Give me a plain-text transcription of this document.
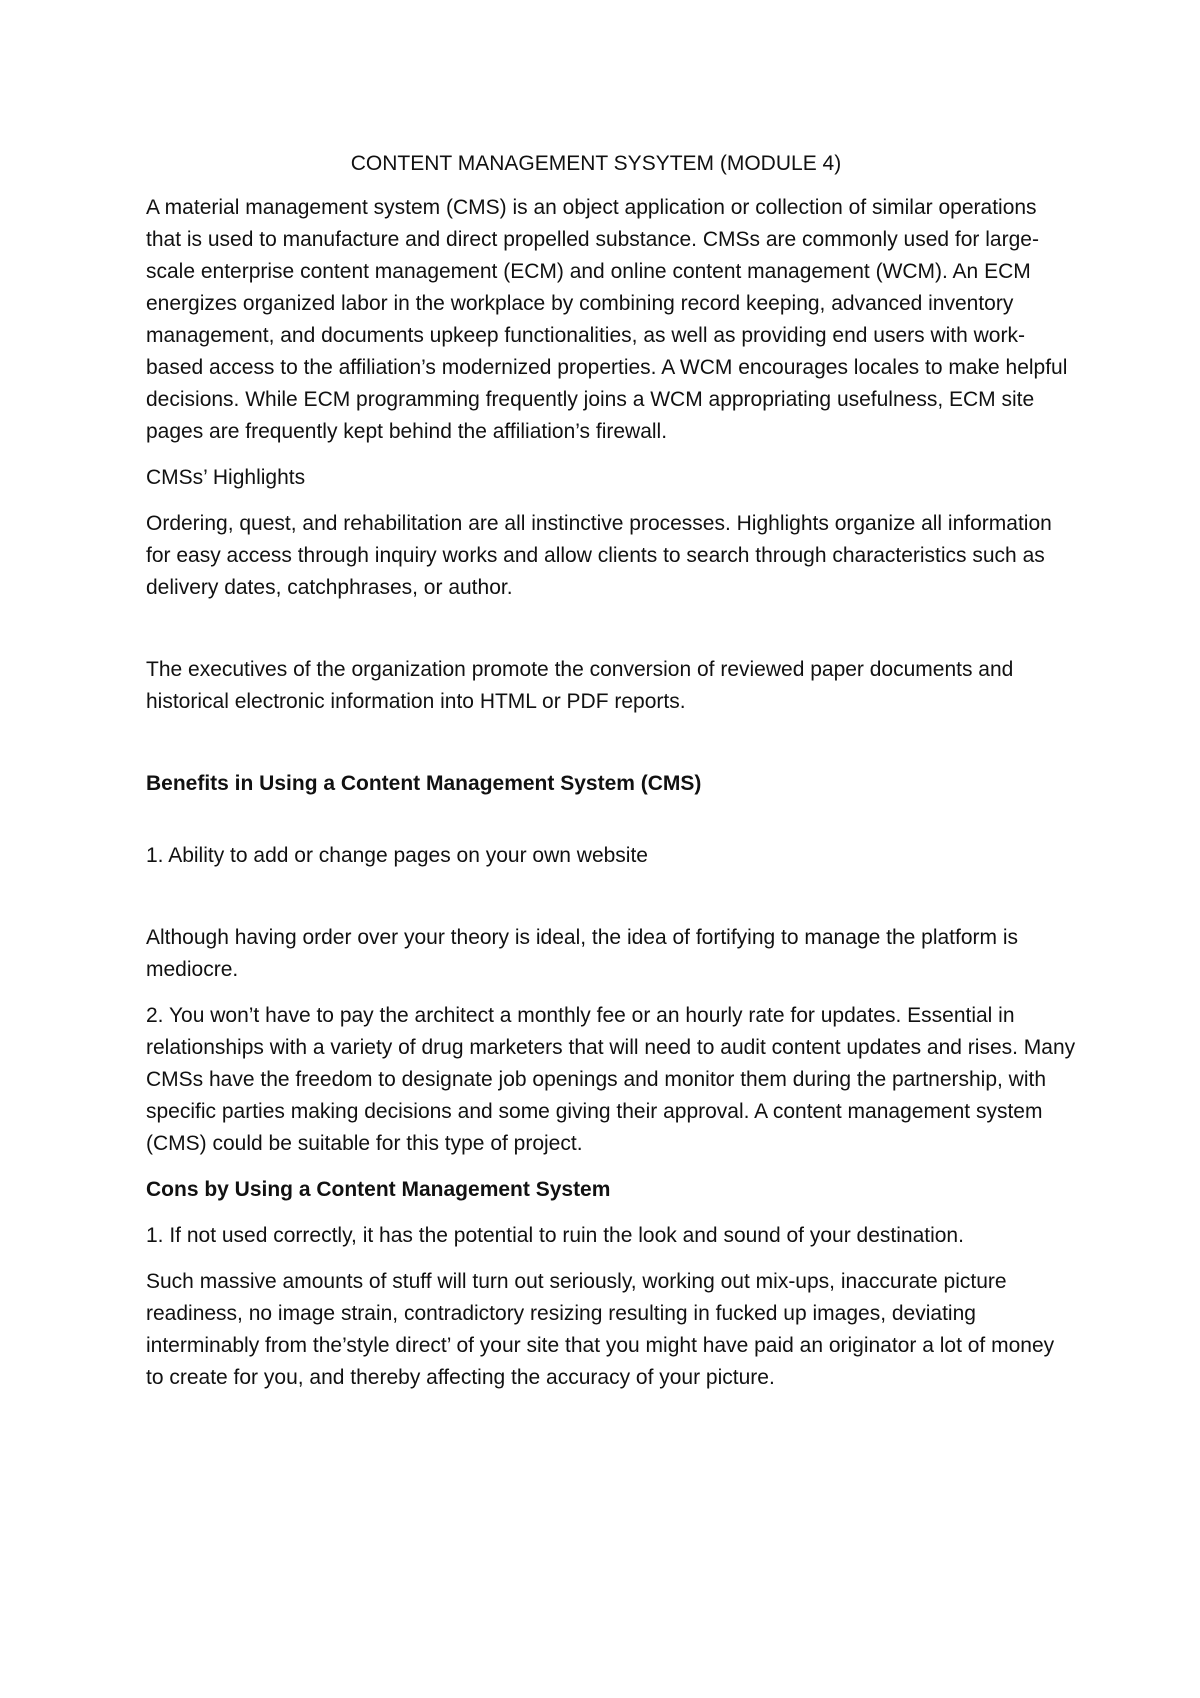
CONTENT MANAGEMENT SYSYTEM (MODULE 4)

A material management system (CMS) is an object application or collection of similar operations that is used to manufacture and direct propelled substance. CMSs are commonly used for large-scale enterprise content management (ECM) and online content management (WCM). An ECM energizes organized labor in the workplace by combining record keeping, advanced inventory management, and documents upkeep functionalities, as well as providing end users with work-based access to the affiliation’s modernized properties. A WCM encourages locales to make helpful decisions. While ECM programming frequently joins a WCM appropriating usefulness, ECM site pages are frequently kept behind the affiliation’s firewall.

CMSs’ Highlights

Ordering, quest, and rehabilitation are all instinctive processes. Highlights organize all information for easy access through inquiry works and allow clients to search through characteristics such as delivery dates, catchphrases, or author.

The executives of the organization promote the conversion of reviewed paper documents and historical electronic information into HTML or PDF reports.

Benefits in Using a Content Management System (CMS)

1. Ability to add or change pages on your own website

Although having order over your theory is ideal, the idea of fortifying to manage the platform is mediocre.

2. You won’t have to pay the architect a monthly fee or an hourly rate for updates. Essential in relationships with a variety of drug marketers that will need to audit content updates and rises. Many CMSs have the freedom to designate job openings and monitor them during the partnership, with specific parties making decisions and some giving their approval. A content management system (CMS) could be suitable for this type of project.

Cons by Using a Content Management System

1. If not used correctly, it has the potential to ruin the look and sound of your destination.

Such massive amounts of stuff will turn out seriously, working out mix-ups, inaccurate picture readiness, no image strain, contradictory resizing resulting in fucked up images, deviating interminably from the’style direct’ of your site that you might have paid an originator a lot of money to create for you, and thereby affecting the accuracy of your picture.
